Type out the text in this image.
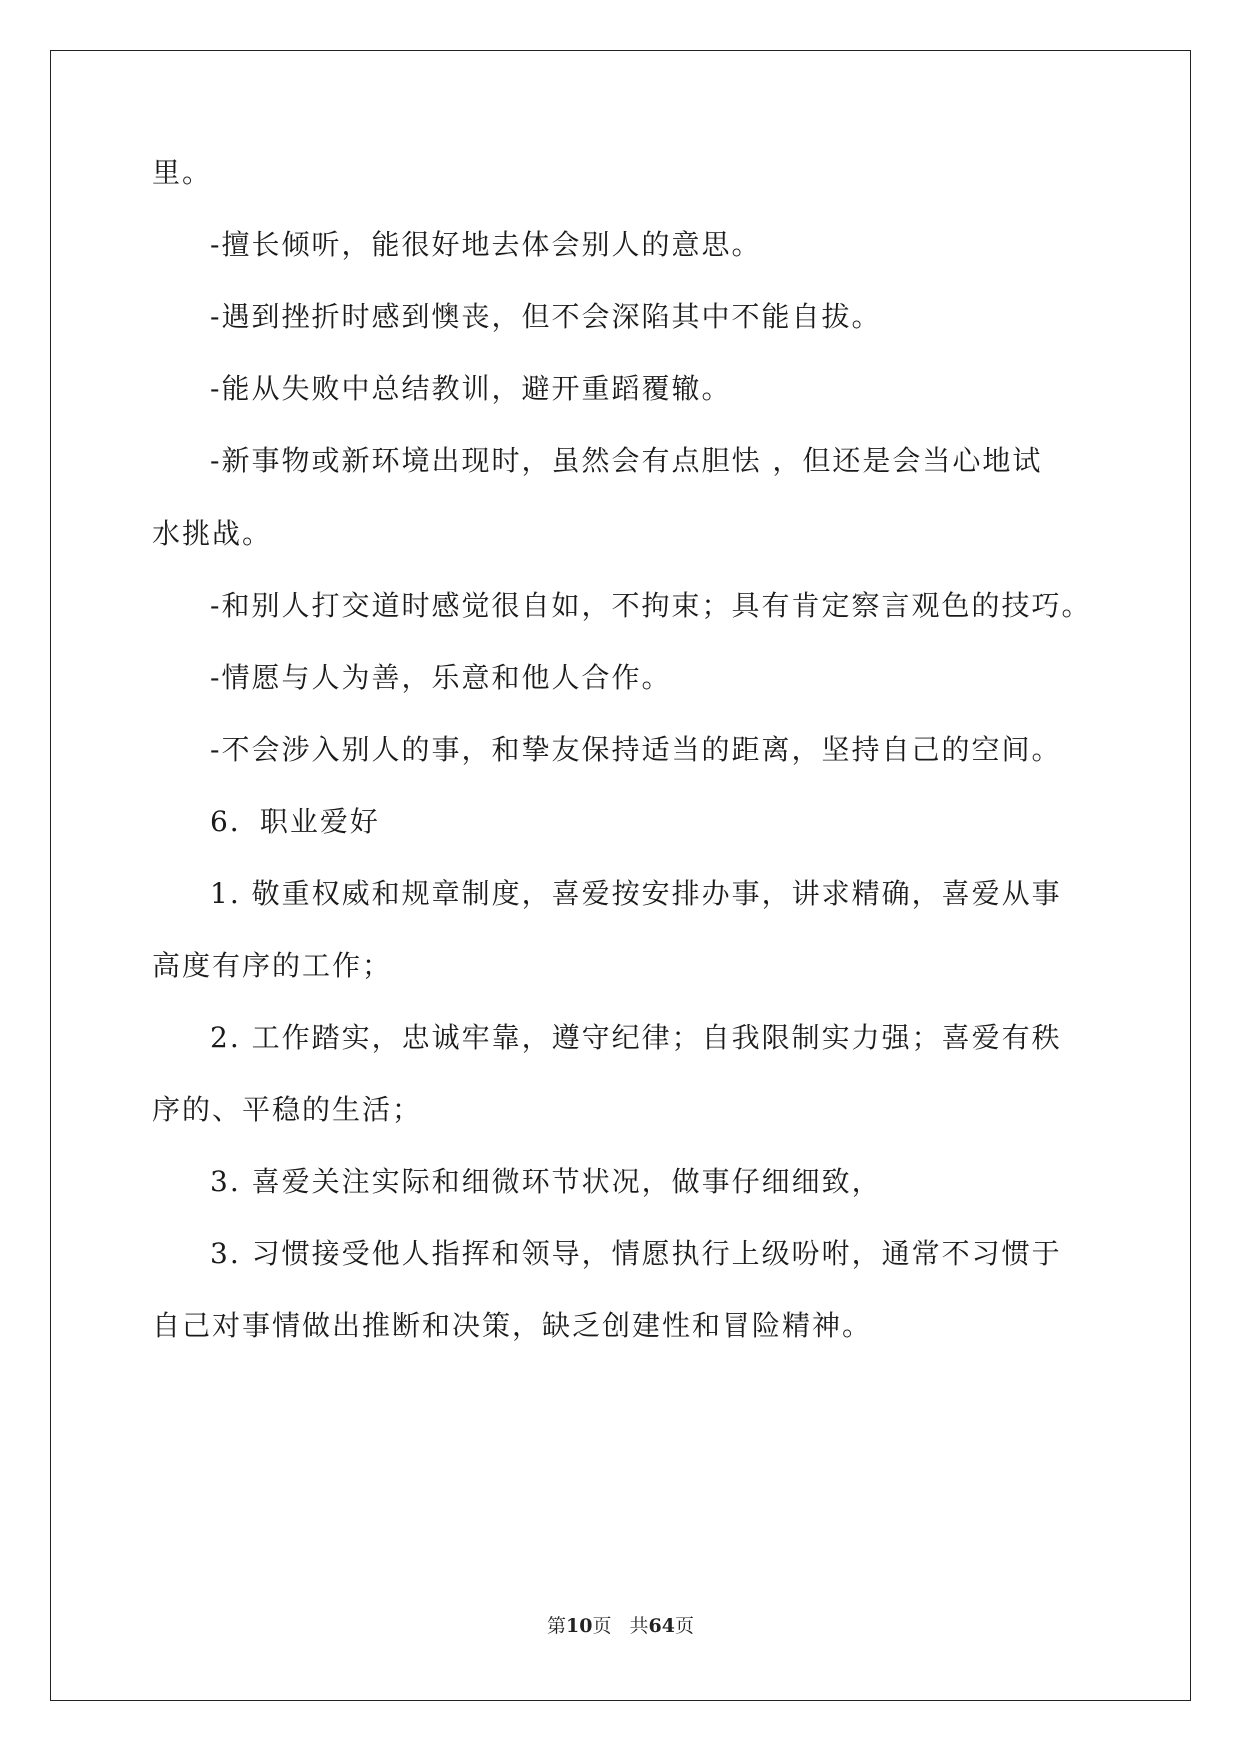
里。
-擅长倾听，能很好地去体会别人的意思。
-遇到挫折时感到懊丧，但不会深陷其中不能自拔。
-能从失败中总结教训，避开重蹈覆辙。
-新事物或新环境出现时，虽然会有点胆怯 ，但还是会当心地试
水挑战。
-和别人打交道时感觉很自如，不拘束；具有肯定察言观色的技巧。
-情愿与人为善，乐意和他人合作。
-不会涉入别人的事，和挚友保持适当的距离，坚持自己的空间。
6．职业爱好
1. 敬重权威和规章制度，喜爱按安排办事，讲求精确，喜爱从事
高度有序的工作；
2. 工作踏实，忠诚牢靠，遵守纪律；自我限制实力强；喜爱有秩
序的、平稳的生活；
3. 喜爱关注实际和细微环节状况，做事仔细细致，
3. 习惯接受他人指挥和领导，情愿执行上级吩咐，通常不习惯于
自己对事情做出推断和决策，缺乏创建性和冒险精神。
第10页 共64页
